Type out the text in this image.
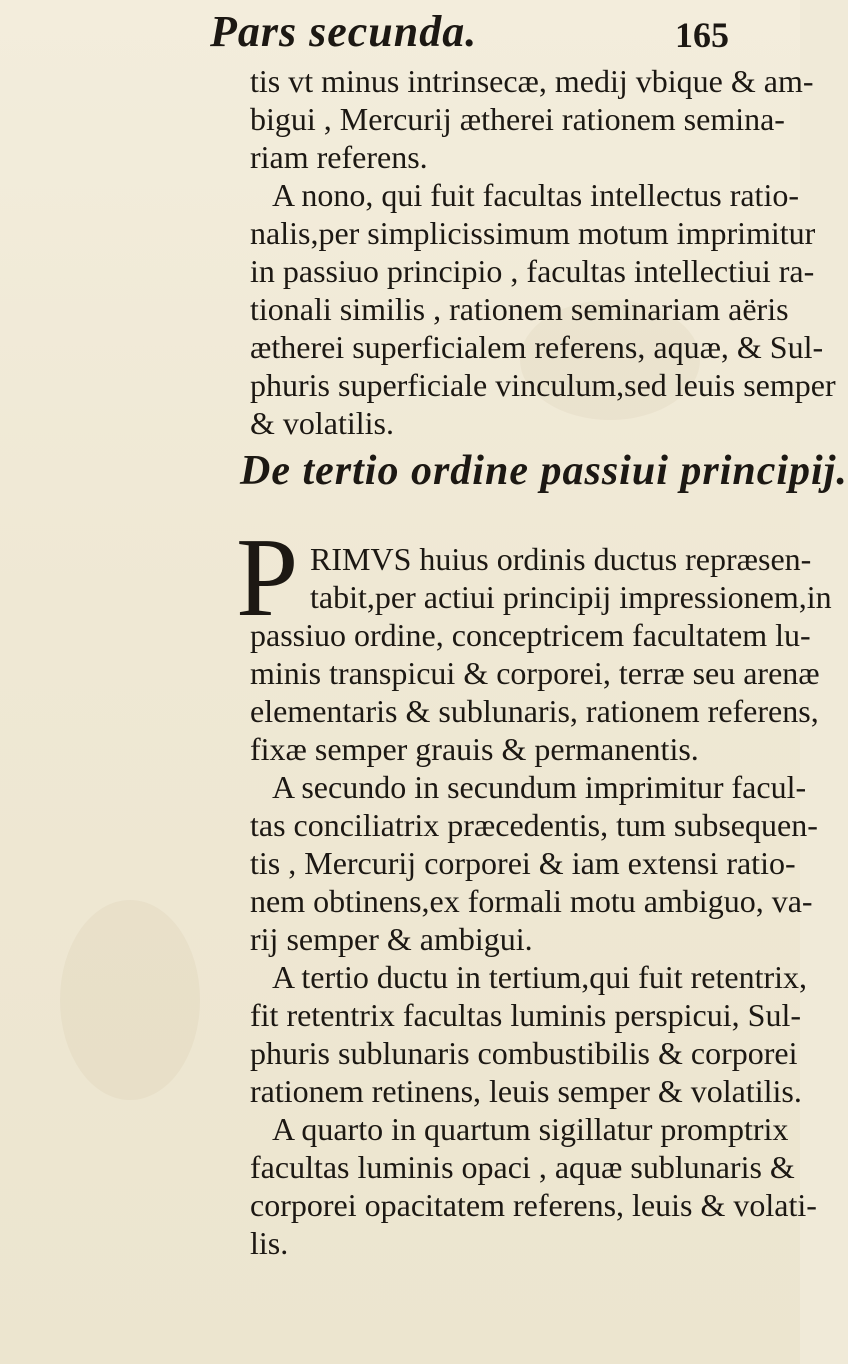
Pars secunda.	165
tis vt minus intrinsecæ, medij vbique & am-
bigui , Mercurij ætherei rationem semina-
riam referens.
A nono, qui fuit facultas intellectus ratio-
nalis,per simplicissimum motum imprimitur
in passiuo principio , facultas intellectiui ra-
tionali similis , rationem seminariam aëris
ætherei superficialem referens, aquæ, & Sul-
phuris superficiale vinculum,sed leuis semper
& volatilis.
De tertio ordine passiui principij.
P RIMVS huius ordinis ductus repræsen-
tabit,per actiui principij impressionem,in
passiuo ordine, conceptricem facultatem lu-
minis transpicui & corporei, terræ seu arenæ
elementaris & sublunaris, rationem referens,
fixæ semper grauis & permanentis.
A secundo in secundum imprimitur facul-
tas conciliatrix præcedentis, tum subsequen-
tis , Mercurij corporei & iam extensi ratio-
nem obtinens,ex formali motu ambiguo, va-
rij semper & ambigui.
A tertio ductu in tertium,qui fuit retentrix,
fit retentrix facultas luminis perspicui, Sul-
phuris sublunaris combustibilis & corporei
rationem retinens, leuis semper & volatilis.
A quarto in quartum sigillatur promptrix
facultas luminis opaci , aquæ sublunaris &
corporei opacitatem referens, leuis & volati-
lis.
